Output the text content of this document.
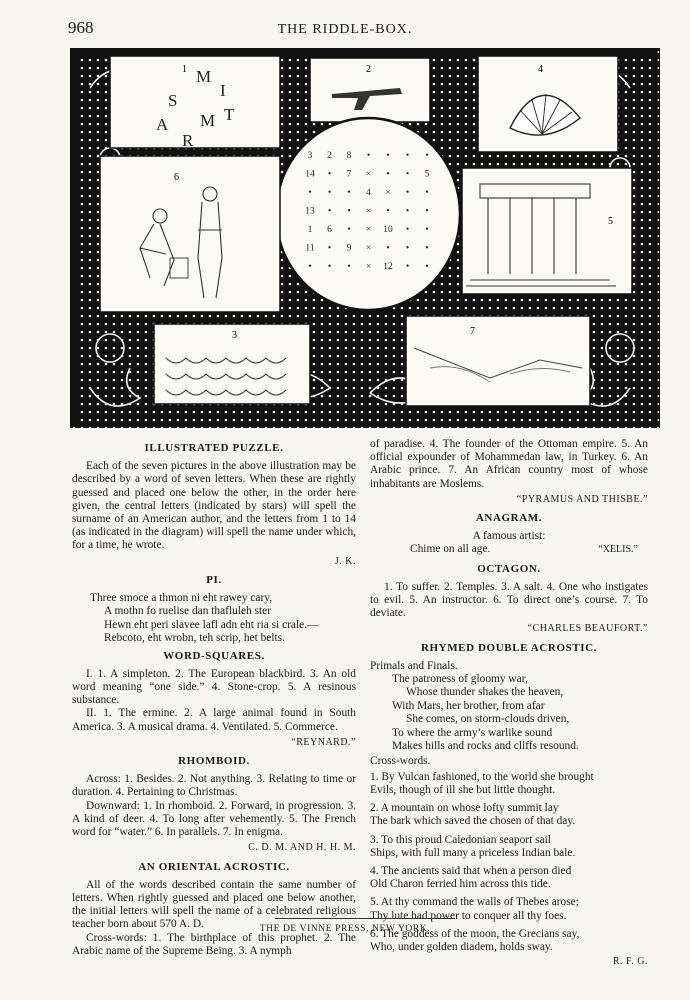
968	THE RIDDLE-BOX.
1
A
S
M
I
T
M
R
2	4
3 2 8 • • • •
14 • 7 × • • 5
• • • 4 × • •
13 • • × • • •
1 6 • × 10 • •
11 • 9 × • • •
• • • × 12 • •
6
5
3	7
ILLUSTRATED PUZZLE.

Each of the seven pictures in the above illustration may be described by a word of seven letters. When these are rightly guessed and placed one below the other, in the order here given, the central letters (indicated by stars) will spell the surname of an American author, and the letters from 1 to 14 (as indicated in the diagram) will spell the name under which, for a time, he wrote.

J. K.
PI.
Three smoce a thmon ni eht rawey cary,
A mothn fo ruelise dan thafluleh ster
Hewn eht peri slavee lafl adn eht ria si crale.—
Rebcoto, eht wrobn, teh scrip, het belts.
WORD-SQUARES.

I. 1. A simpleton. 2. The European blackbird. 3. An old word meaning “one side.” 4. Stone-crop. 5. A resinous substance.

II. 1. The ermine. 2. A large animal found in South America. 3. A musical drama. 4. Ventilated. 5. Commerce.

“REYNARD.”
RHOMBOID.

Across: 1. Besides. 2. Not anything. 3. Relating to time or duration. 4. Pertaining to Christmas.

Downward: 1. In rhomboid. 2. Forward, in progression. 3. A kind of deer. 4. To long after vehemently. 5. The French word for “water.” 6. In parallels. 7. In enigma.

C. D. M. AND H. H. M.
AN ORIENTAL ACROSTIC.

All of the words described contain the same number of letters. When rightly guessed and placed one below another, the initial letters will spell the name of a celebrated religious teacher born about 570 A. D.

Cross-words: 1. The birthplace of this prophet. 2. The Arabic name of the Supreme Being. 3. A nymph

of paradise. 4. The founder of the Ottoman empire. 5. An official expounder of Mohammedan law, in Turkey. 6. An Arabic prince. 7. An African country most of whose inhabitants are Moslems.

“PYRAMUS AND THISBE.”
ANAGRAM.
A famous artist:
Chime on all age.	“XELIS.”
OCTAGON.

1. To suffer. 2. Temples. 3. A salt. 4. One who instigates to evil. 5. An instructor. 6. To direct one’s course. 7. To deviate.

“CHARLES BEAUFORT.”
RHYMED DOUBLE ACROSTIC.
Primals and Finals.
The patroness of gloomy war,
Whose thunder shakes the heaven,
With Mars, her brother, from afar
She comes, on storm-clouds driven,
To where the army’s warlike sound
Makes hills and rocks and cliffs resound.
Cross-words.
1. By Vulcan fashioned, to the world she brought
Evils, though of ill she but little thought.
2. A mountain on whose lofty summit lay
The bark which saved the chosen of that day.
3. To this proud Caledonian seaport sail
Ships, with full many a priceless Indian bale.
4. The ancients said that when a person died
Old Charon ferried him across this tide.
5. At thy command the walls of Thebes arose;
Thy lute had power to conquer all thy foes.
6. The goddess of the moon, the Grecians say,
Who, under golden diadem, holds sway.
R. F. G.
THE DE VINNE PRESS, NEW YORK.
